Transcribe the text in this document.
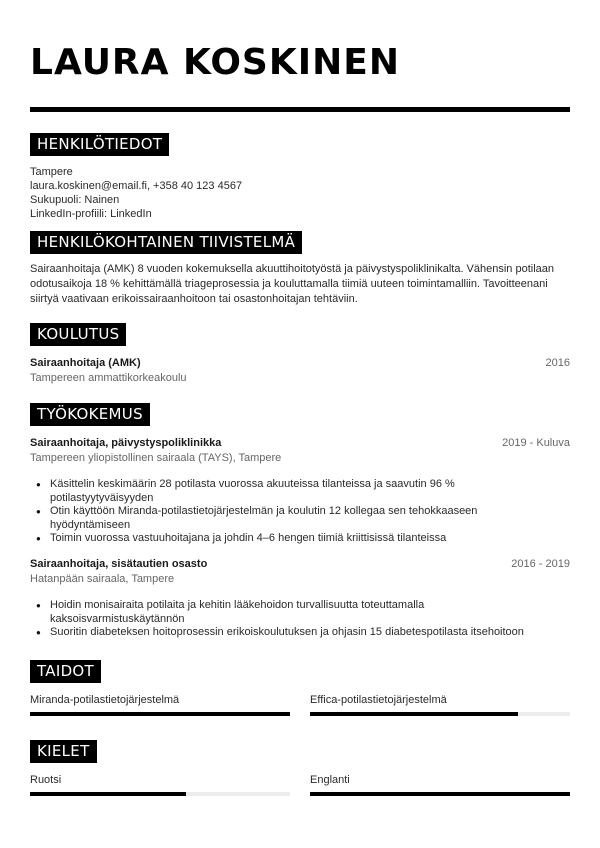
LAURA KOSKINEN
HENKILÖTIEDOT
Tampere
laura.koskinen@email.fi, +358 40 123 4567
Sukupuoli: Nainen
LinkedIn-profiili: LinkedIn
HENKILÖKOHTAINEN TIIVISTELMÄ
Sairaanhoitaja (AMK) 8 vuoden kokemuksella akuuttihoitotyöstä ja päivystyspoliklinikalta. Vähensin potilaan
odotusaikoja 18 % kehittämällä triageprosessia ja kouluttamalla tiimiä uuteen toimintamalliin. Tavoitteenani
siirtyä vaativaan erikoissairaanhoitoon tai osastonhoitajan tehtäviin.
KOULUTUS
Sairaanhoitaja (AMK)	2016
Tampereen ammattikorkeakoulu
TYÖKOKEMUS
Sairaanhoitaja, päivystyspoliklinikka	2019 - Kuluva
Tampereen yliopistollinen sairaala (TAYS), Tampere
● Käsittelin keskimäärin 28 potilasta vuorossa akuuteissa tilanteissa ja saavutin 96 %
potilastyytyväisyyden
● Otin käyttöön Miranda-potilastietojärjestelmän ja koulutin 12 kollegaa sen tehokkaaseen
hyödyntämiseen
● Toimin vuorossa vastuuhoitajana ja johdin 4–6 hengen tiimiä kriittisissä tilanteissa
Sairaanhoitaja, sisätautien osasto	2016 - 2019
Hatanpään sairaala, Tampere
● Hoidin monisairaita potilaita ja kehitin lääkehoidon turvallisuutta toteuttamalla
kaksoisvarmistuskäytännön
● Suoritin diabeteksen hoitoprosessin erikoiskoulutuksen ja ohjasin 15 diabetespotilasta itsehoitoon
TAIDOT
Miranda-potilastietojärjestelmä	Effica-potilastietojärjestelmä
KIELET
Ruotsi	Englanti
